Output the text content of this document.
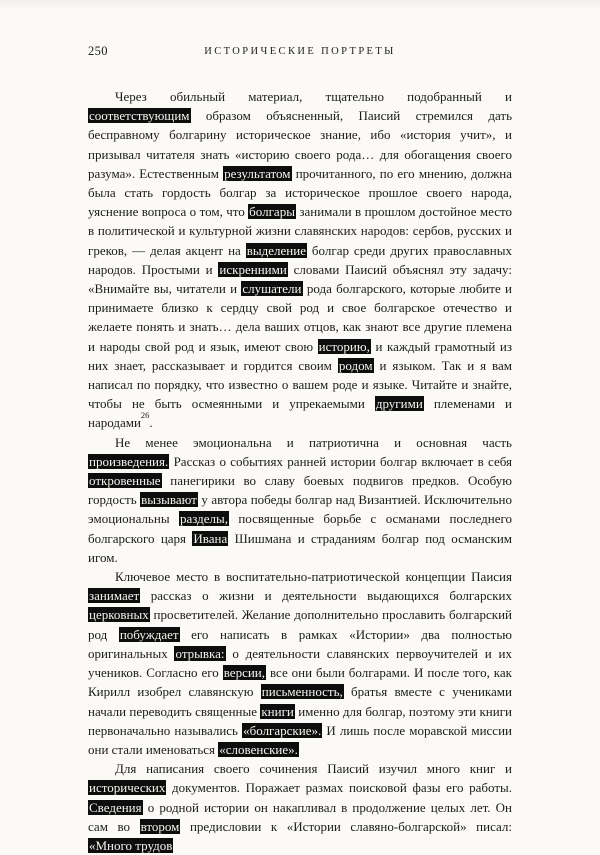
250	ИСТОРИЧЕСКИЕ ПОРТРЕТЫ

Через обильный материал, тщательно подобранный и соответствующим образом объясненный, Паисий стремился дать бесправному болгарину историческое знание, ибо «история учит», и призывал читателя знать «историю своего рода… для обогащения своего разума». Естественным результатом прочитанного, по его мнению, должна была стать гордость болгар за историческое прошлое своего народа, уяснение вопроса о том, что болгары занимали в прошлом достойное место в политической и культурной жизни славянских народов: сербов, русских и греков, — делая акцент на выделение болгар среди других православных народов. Простыми и искренними словами Паисий объяснял эту задачу: «Внимайте вы, читатели и слушатели рода болгарского, которые любите и принимаете близко к сердцу свой род и свое болгарское отечество и желаете понять и знать… дела ваших отцов, как знают все другие племена и народы свой род и язык, имеют свою историю, и каждый грамотный из них знает, рассказывает и гордится своим родом и языком. Так и я вам написал по порядку, что известно о вашем роде и языке. Читайте и знайте, чтобы не быть осмеянными и упрекаемыми другими племенами и народами$^{26}$.

Не менее эмоциональна и патриотична и основная часть произведения. Рассказ о событиях ранней истории болгар включает в себя откровенные панегирики во славу боевых подвигов предков. Особую гордость вызывают у автора победы болгар над Византией. Исключительно эмоциональны разделы, посвященные борьбе с османами последнего болгарского царя Ивана Шишмана и страданиям болгар под османским игом.

Ключевое место в воспитательно-патриотической концепции Паисия занимает рассказ о жизни и деятельности выдающихся болгарских церковных просветителей. Желание дополнительно прославить болгарский род побуждает его написать в рамках «Истории» два полностью оригинальных отрывка: о деятельности славянских первоучителей и их учеников. Согласно его версии, все они были болгарами. И после того, как Кирилл изобрел славянскую письменность, братья вместе с учениками начали переводить священные книги именно для болгар, поэтому эти книги первоначально назывались «болгарские». И лишь после моравской миссии они стали именоваться «словенские».

Для написания своего сочинения Паисий изучил много книг и исторических документов. Поражает размах поисковой фазы его работы. Сведения о родной истории он накапливал в продолжение целых лет. Он сам во втором предисловии к «Истории славяно-болгарской» писал: «Много трудов
